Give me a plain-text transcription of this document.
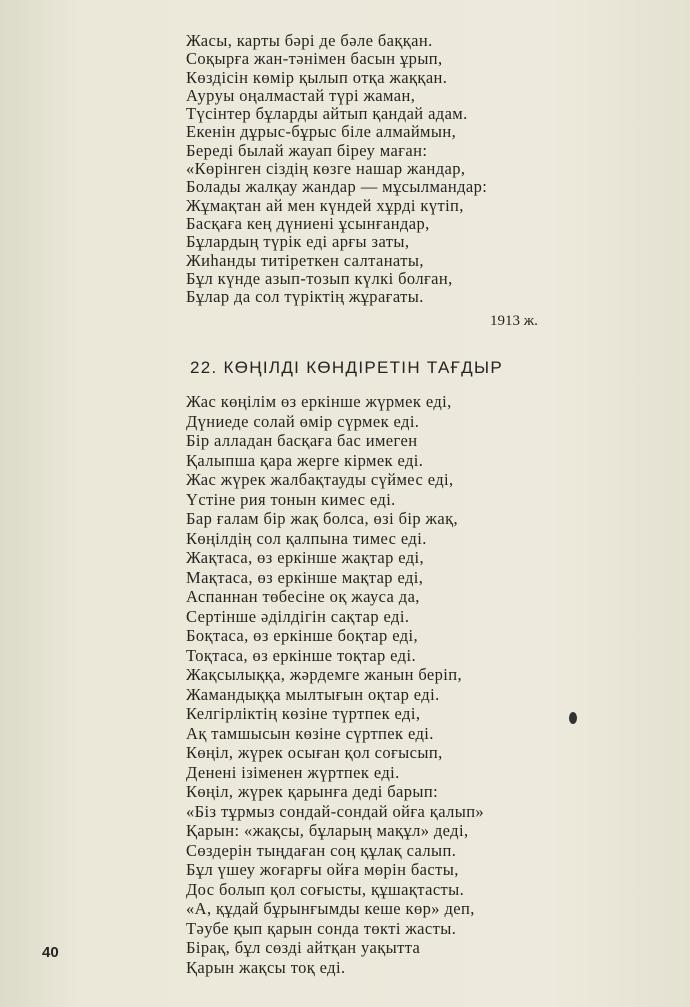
Жасы, карты бәрі де бәле баққан.
Соқырға жан-тәнімен басын ұрып,
Көздісін көмір қылып отқа жаққан.
Ауруы оңалмастай түрі жаман,
Түсінтер бұларды айтып қандай адам.
Екенін дұрыс-бұрыс біле алмаймын,
Береді былай жауап біреу маған:
«Көрінген сіздің көзге нашар жандар,
Болады жалқау жандар — мұсылмандар:
Жұмақтан ай мен күндей хұрді күтіп,
Басқаға кең дүниені ұсынғандар,
Бұлардың түрік еді арғы заты,
Жиһанды титіреткен салтанаты,
Бұл күнде азып-тозып күлкі болған,
Бұлар да сол түріктің жұрағаты.
1913 ж.
22. КӨҢІЛДІ КӨНДІРЕТІН ТАҒДЫР
Жас көңілім өз еркінше жүрмек еді,
Дүниеде солай өмір сүрмек еді.
Бір алладан басқаға бас имеген
Қалыпша қара жерге кірмек еді.
Жас жүрек жалбақтауды сүймес еді,
Үстіне рия тонын кимес еді.
Бар ғалам бір жақ болса, өзі бір жақ,
Көңілдің сол қалпына тимес еді.
Жақтаса, өз еркінше жақтар еді,
Мақтаса, өз еркінше мақтар еді,
Аспаннан төбесіне оқ жауса да,
Сертінше әділдігін сақтар еді.
Боқтаса, өз еркінше боқтар еді,
Тоқтаса, өз еркінше тоқтар еді.
Жақсылыққа, жәрдемге жанын беріп,
Жамандыққа мылтығын оқтар еді.
Келгірліктің көзіне түртпек еді,
Ақ тамшысын көзіне сүртпек еді.
Көңіл, жүрек осыған қол соғысып,
Денені ізіменен жүртпек еді.
Көңіл, жүрек қарынға деді барып:
«Біз тұрмыз сондай-сондай ойға қалып»
Қарын: «жақсы, бұларың мақұл» деді,
Сөздерін тыңдаған соң құлақ салып.
Бұл үшеу жоғарғы ойға мөрін басты,
Дос болып қол соғысты, құшақтасты.
«А, құдай бұрынғымды кеше көр» деп,
Тәубе қып қарын сонда төкті жасты.
Бірақ, бұл сөзді айтқан уақытта
Қарын жақсы тоқ еді.
40
